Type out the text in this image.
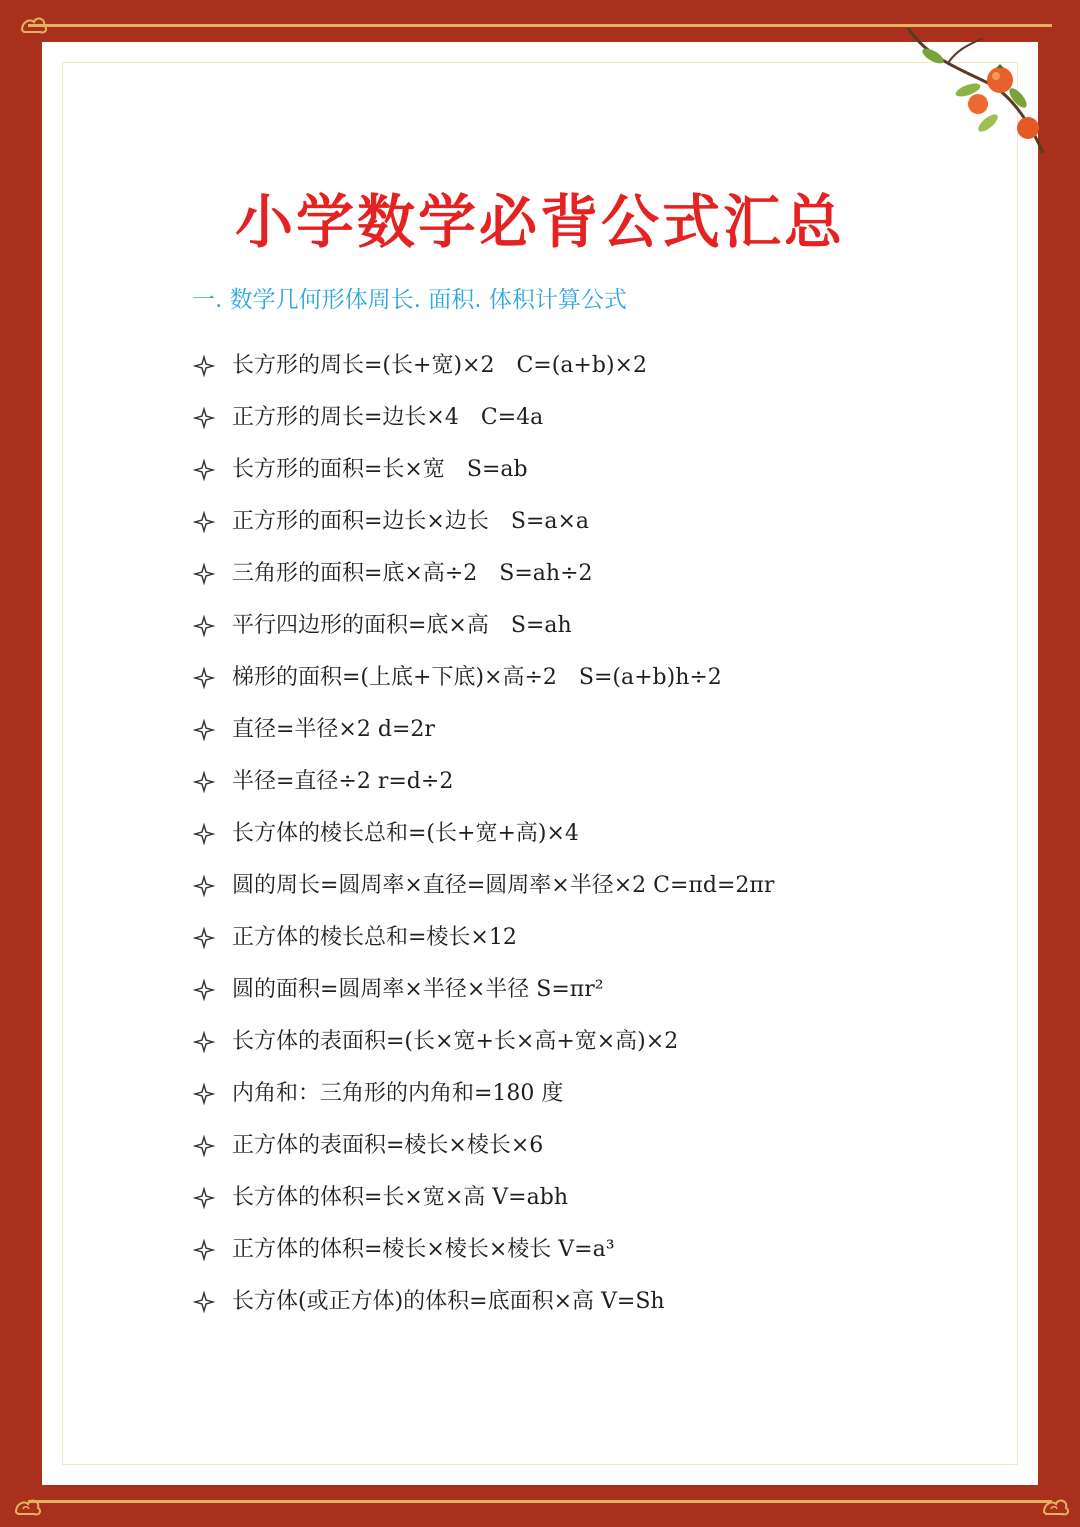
小学数学必背公式汇总
一. 数学几何形体周长. 面积. 体积计算公式
长方形的周长=(长+宽)×2　C=(a+b)×2
正方形的周长=边长×4　C=4a
长方形的面积=长×宽　S=ab
正方形的面积=边长×边长　S=a×a
三角形的面积=底×高÷2　S=ah÷2
平行四边形的面积=底×高　S=ah
梯形的面积=(上底+下底)×高÷2　S=(a+b)h÷2
直径=半径×2 d=2r
半径=直径÷2 r=d÷2
长方体的棱长总和=(长+宽+高)×4
圆的周长=圆周率×直径=圆周率×半径×2 C=πd=2πr
正方体的棱长总和=棱长×12
圆的面积=圆周率×半径×半径 S=πr²
长方体的表面积=(长×宽+长×高+宽×高)×2
内角和：三角形的内角和=180 度
正方体的表面积=棱长×棱长×6
长方体的体积=长×宽×高 V=abh
正方体的体积=棱长×棱长×棱长 V=a³
长方体(或正方体)的体积=底面积×高 V=Sh
